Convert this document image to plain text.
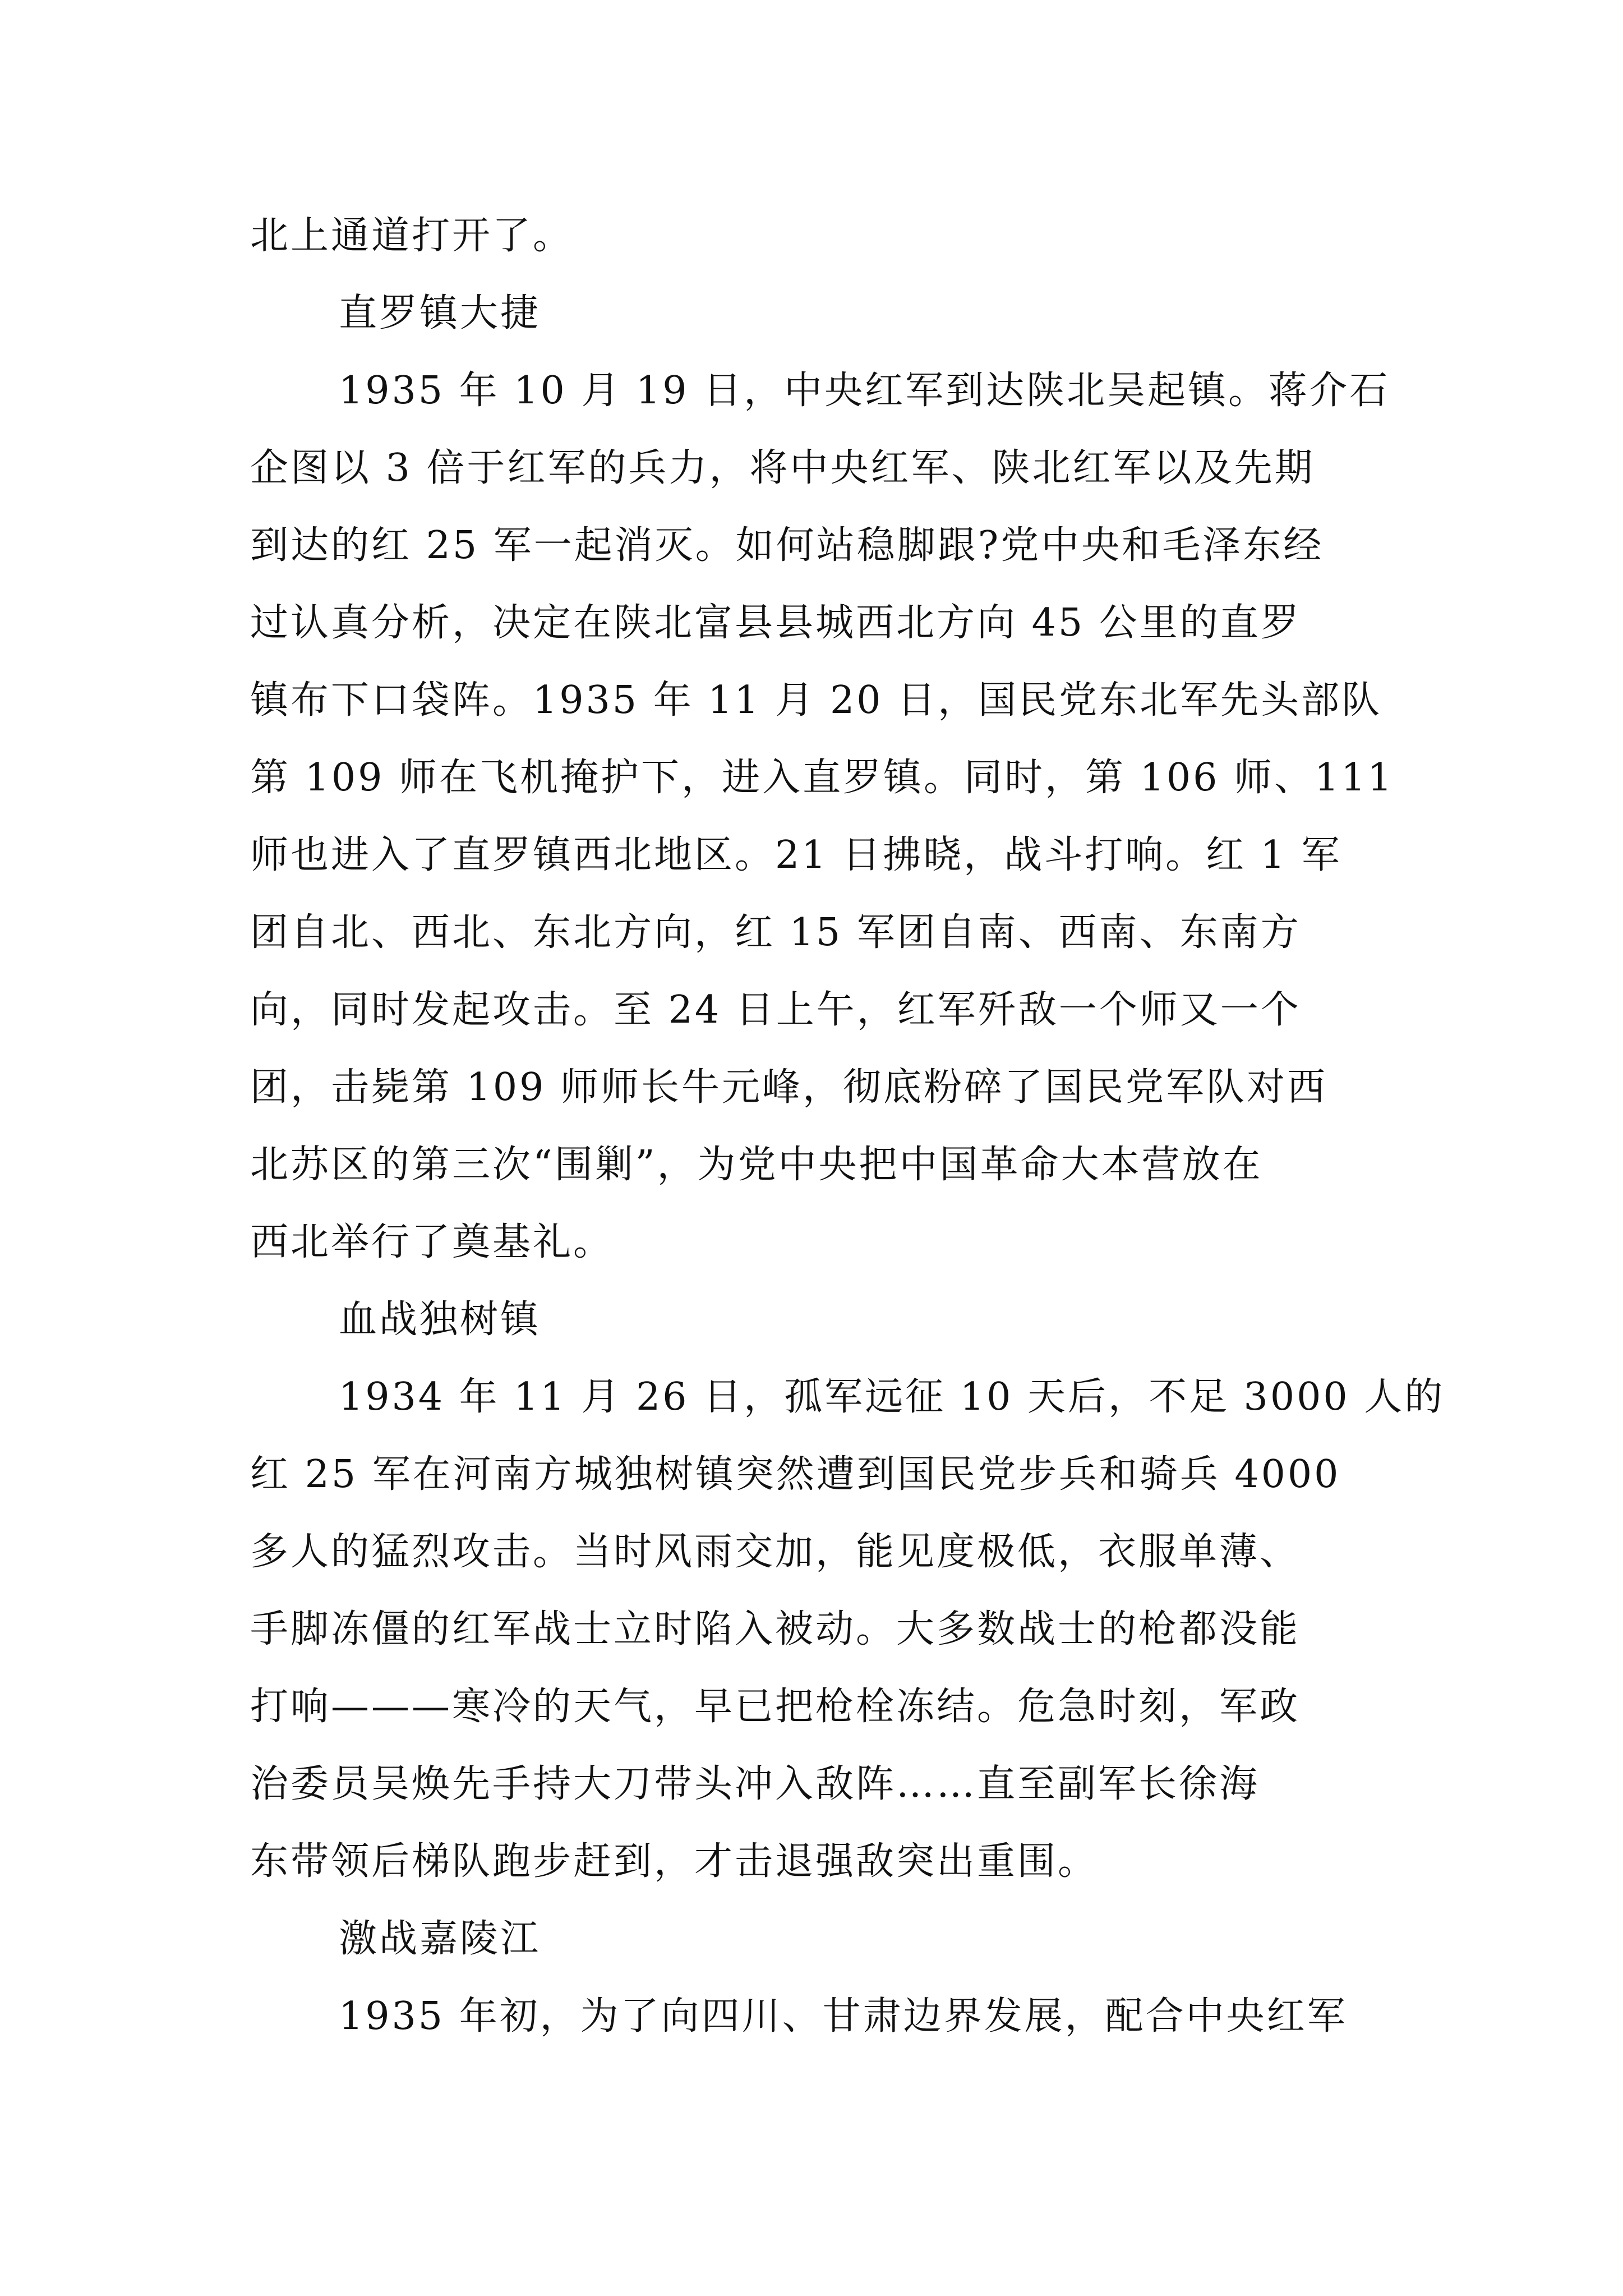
北上通道打开了。
直罗镇大捷
1935 年 10 月 19 日，中央红军到达陕北吴起镇。蒋介石
企图以 3 倍于红军的兵力，将中央红军、陕北红军以及先期
到达的红 25 军一起消灭。如何站稳脚跟?党中央和毛泽东经
过认真分析，决定在陕北富县县城西北方向 45 公里的直罗
镇布下口袋阵。1935 年 11 月 20 日，国民党东北军先头部队
第 109 师在飞机掩护下，进入直罗镇。同时，第 106 师、111
师也进入了直罗镇西北地区。21 日拂晓，战斗打响。红 1 军
团自北、西北、东北方向，红 15 军团自南、西南、东南方
向，同时发起攻击。至 24 日上午，红军歼敌一个师又一个
团，击毙第 109 师师长牛元峰，彻底粉碎了国民党军队对西
北苏区的第三次“围剿”，为党中央把中国革命大本营放在
西北举行了奠基礼。
血战独树镇
1934 年 11 月 26 日，孤军远征 10 天后，不足 3000 人的
红 25 军在河南方城独树镇突然遭到国民党步兵和骑兵 4000
多人的猛烈攻击。当时风雨交加，能见度极低，衣服单薄、
手脚冻僵的红军战士立时陷入被动。大多数战士的枪都没能
打响———寒冷的天气，早已把枪栓冻结。危急时刻，军政
治委员吴焕先手持大刀带头冲入敌阵……直至副军长徐海
东带领后梯队跑步赶到，才击退强敌突出重围。
激战嘉陵江
1935 年初，为了向四川、甘肃边界发展，配合中央红军
